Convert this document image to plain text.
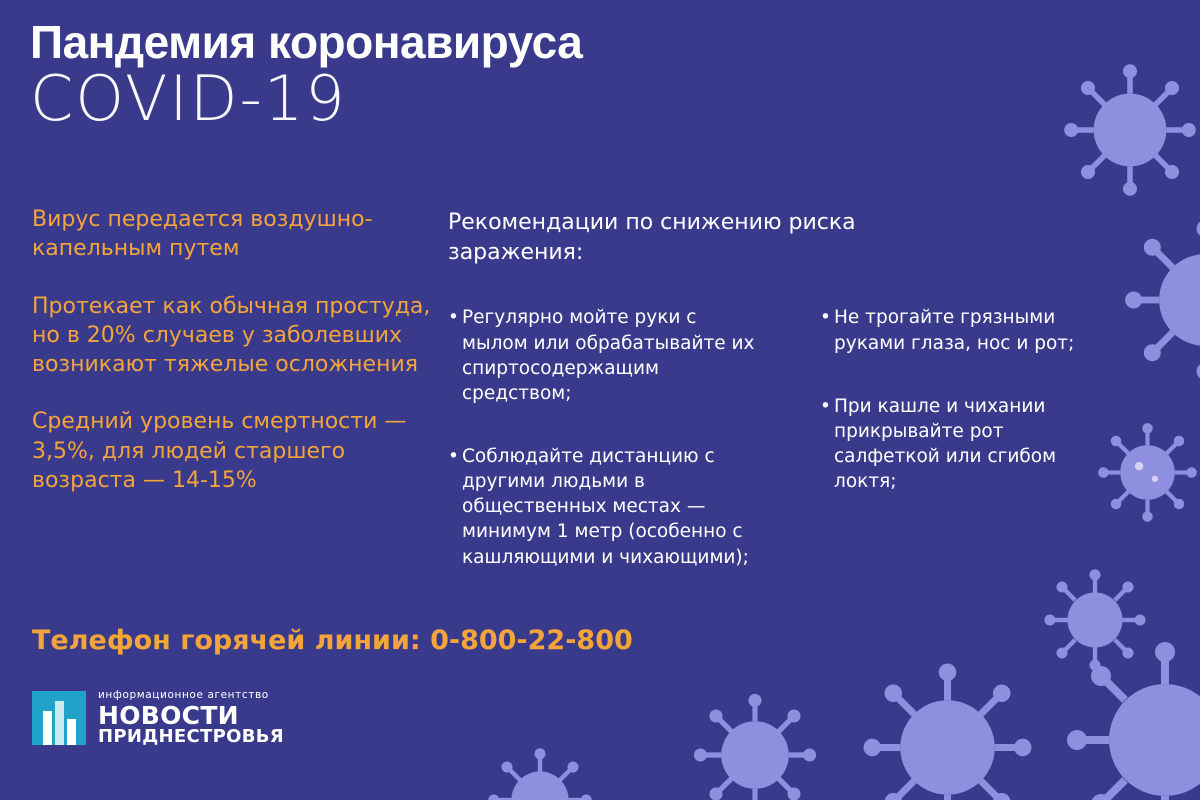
Пандемия коронавируса
COVID-19
Вирус передается воздушно-капельным путем
Протекает как обычная простуда, но в 20% случаев у заболевших возникают тяжелые осложнения
Средний уровень смертности — 3,5%, для людей старшего возраста — 14-15%
Телефон горячей линии: 0-800-22-800
Рекомендации по снижению риска заражения:
• Регулярно мойте руки с мылом или обрабатывайте их спиртосодержащим средством;
• Соблюдайте дистанцию с другими людьми в общественных местах — минимум 1 метр (особенно с кашляющими и чихающими);
• Не трогайте грязными руками глаза, нос и рот;
• При кашле и чихании прикрывайте рот салфеткой или сгибом локтя;
информационное агентство
НОВОСТИ
ПРИДНЕСТРОВЬЯ
